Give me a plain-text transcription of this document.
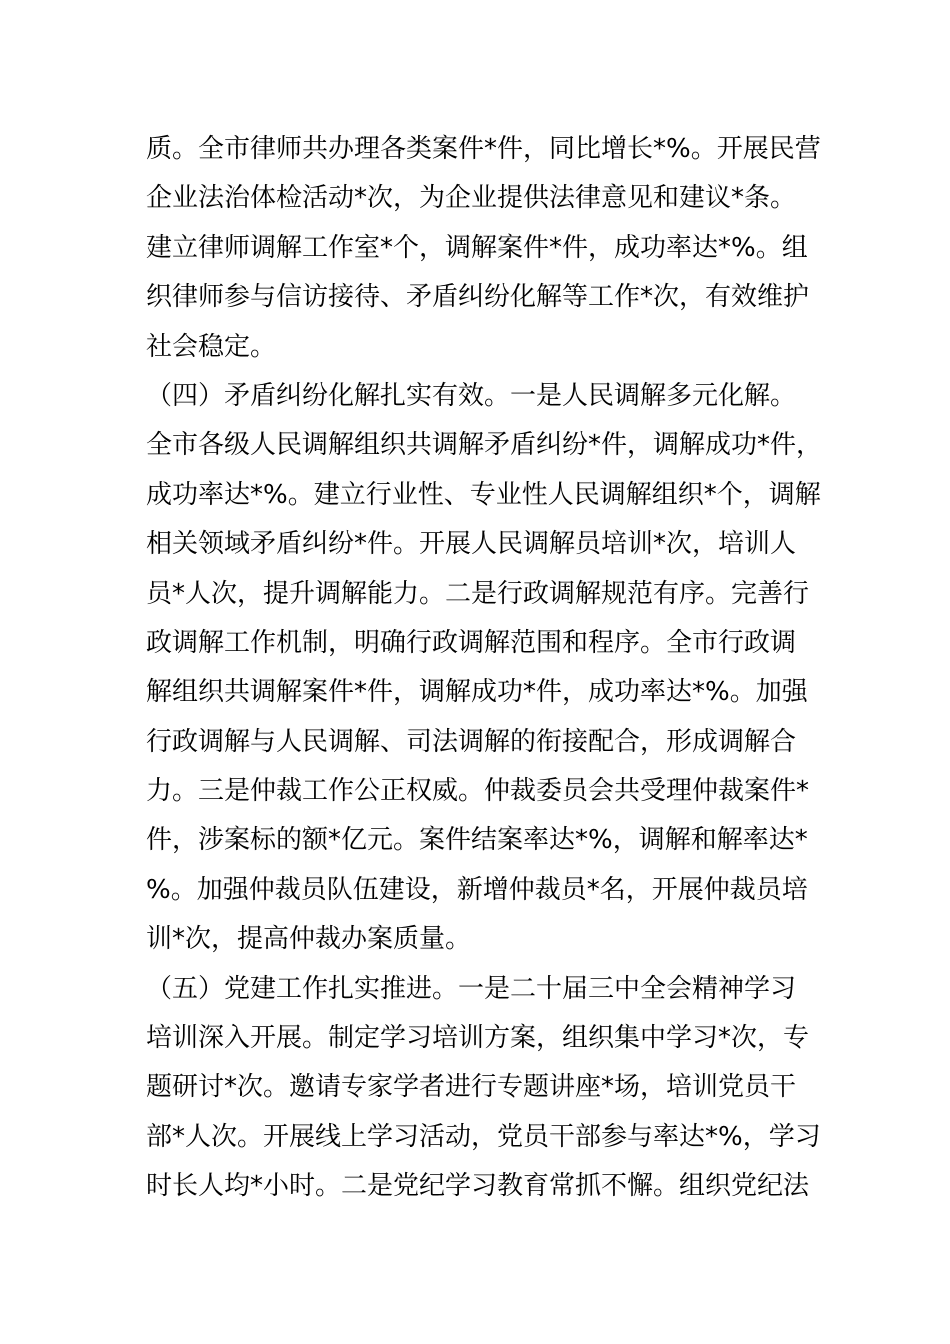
质。全市律师共办理各类案件*件，同比增长*%。开展民营
企业法治体检活动*次，为企业提供法律意见和建议*条。
建立律师调解工作室*个，调解案件*件，成功率达*%。组
织律师参与信访接待、矛盾纠纷化解等工作*次，有效维护
社会稳定。
（四）矛盾纠纷化解扎实有效。一是人民调解多元化解。
全市各级人民调解组织共调解矛盾纠纷*件，调解成功*件，
成功率达*%。建立行业性、专业性人民调解组织*个，调解
相关领域矛盾纠纷*件。开展人民调解员培训*次，培训人
员*人次，提升调解能力。二是行政调解规范有序。完善行
政调解工作机制，明确行政调解范围和程序。全市行政调
解组织共调解案件*件，调解成功*件，成功率达*%。加强
行政调解与人民调解、司法调解的衔接配合，形成调解合
力。三是仲裁工作公正权威。仲裁委员会共受理仲裁案件*
件，涉案标的额*亿元。案件结案率达*%，调解和解率达*
%。加强仲裁员队伍建设，新增仲裁员*名，开展仲裁员培
训*次，提高仲裁办案质量。
（五）党建工作扎实推进。一是二十届三中全会精神学习
培训深入开展。制定学习培训方案，组织集中学习*次，专
题研讨*次。邀请专家学者进行专题讲座*场，培训党员干
部*人次。开展线上学习活动，党员干部参与率达*%，学习
时长人均*小时。二是党纪学习教育常抓不懈。组织党纪法
